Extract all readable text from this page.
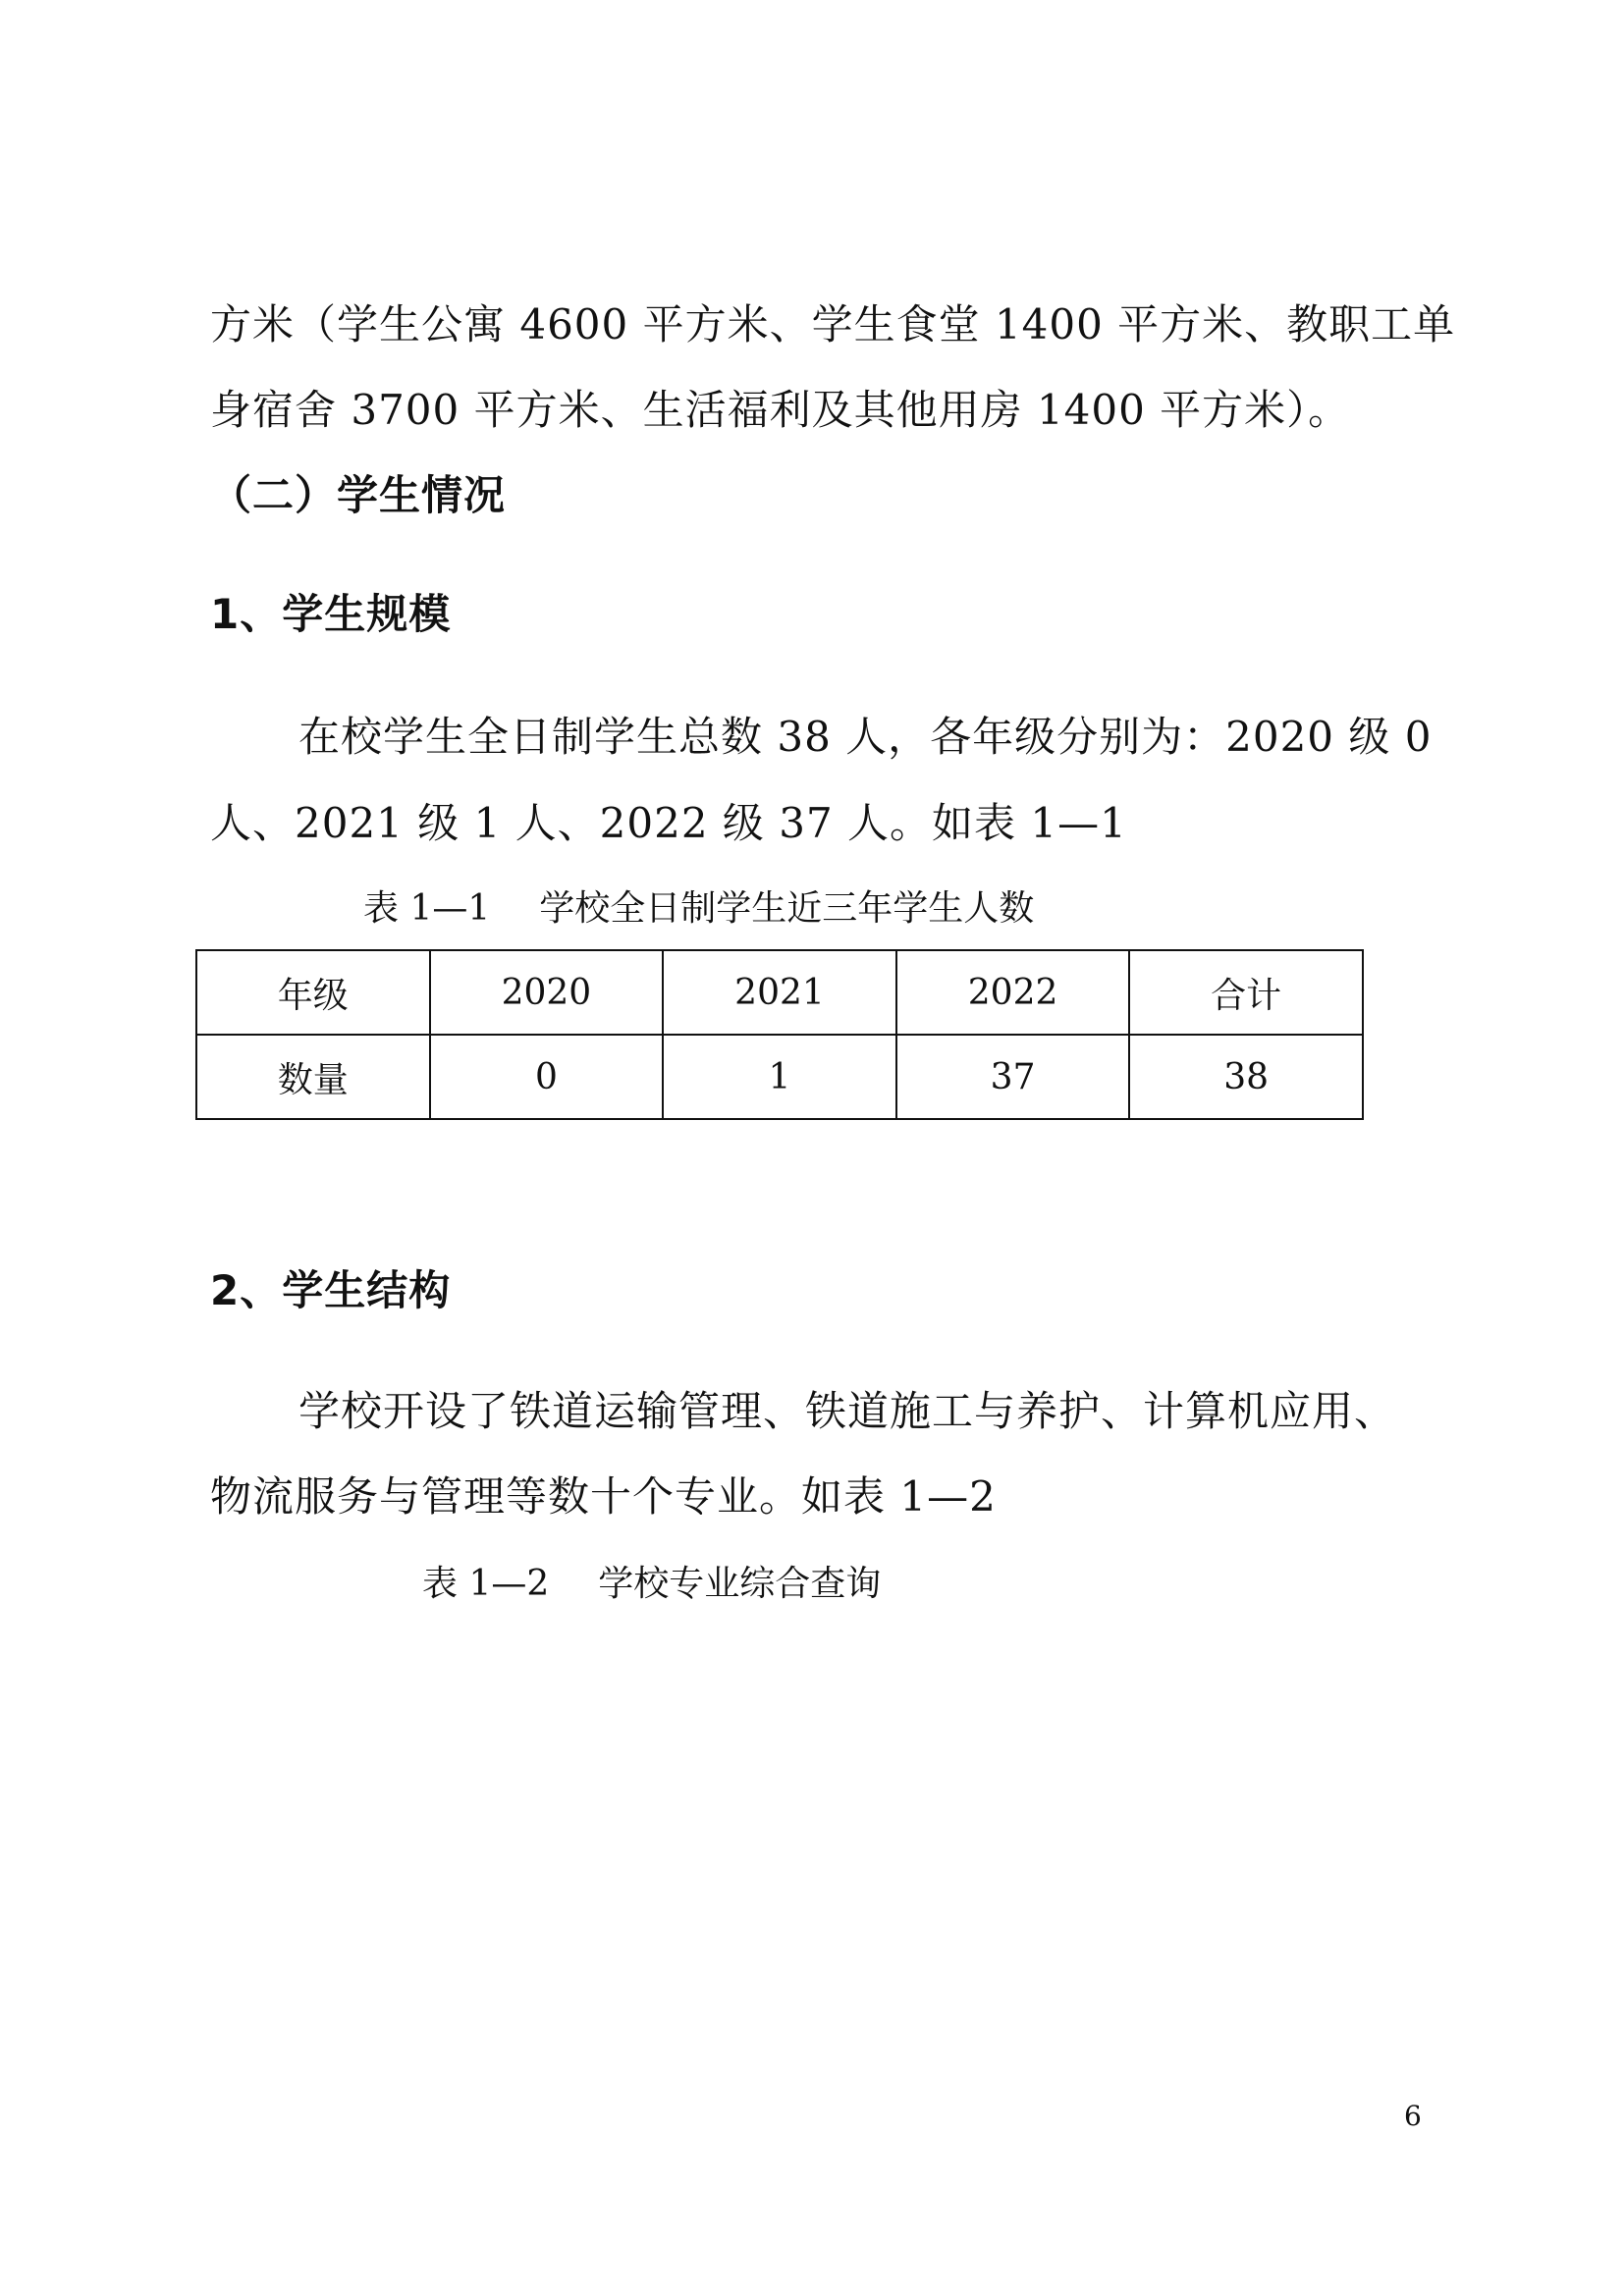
方米（学生公寓 4600 平方米、学生食堂 1400 平方米、教职工单
身宿舍 3700 平方米、生活福利及其他用房 1400 平方米）。
（二）学生情况
1、学生规模
在校学生全日制学生总数 38 人，各年级分别为：2020 级 0
人、2021 级 1 人、2022 级 37 人。如表 1—1
表 1—1 学校全日制学生近三年学生人数
年级	2020	2021	2022	合计
数量	0	1	37	38
2、学生结构
学校开设了铁道运输管理、铁道施工与养护、计算机应用、
物流服务与管理等数十个专业。如表 1—2
表 1—2 学校专业综合查询
6
